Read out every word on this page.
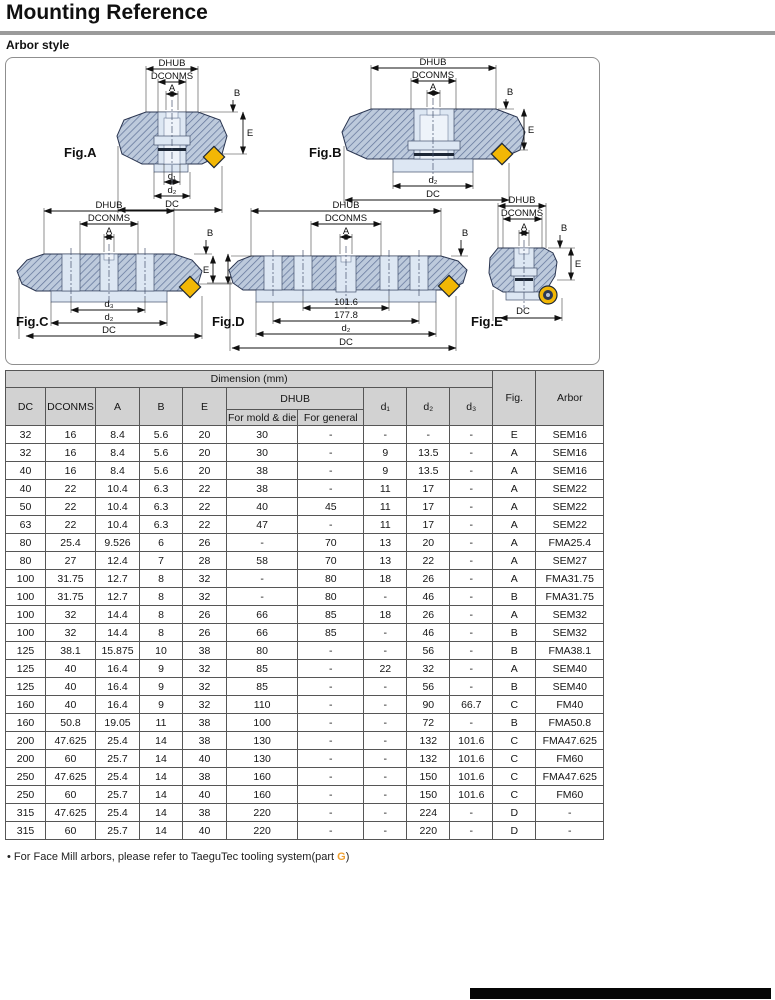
Mounting Reference
Arbor style
A
DCONMS
DHUB
B
E
d₁
d₂
DC
Fig.A
A
DCONMS
DHUB
B
E
d₂
DC
Fig.B
A
DCONMS
DHUB
B
d₃
d₂
DC
Fig.C
A
DCONMS
DHUB
B
E
101.6
177.8
d₂
DC
Fig.D
A
DCONMS
DHUB
B
E
DC
Fig.E
Dimension (mm)										Fig.	Arbor
DC	DCONMS	A	B	E	DHUB		d₁	d₂	d₃		
					For mold & die	For general					
32	16	8.4	5.6	20	30	-	-	-	-	E	SEM16
32	16	8.4	5.6	20	30	-	9	13.5	-	A	SEM16
40	16	8.4	5.6	20	38	-	9	13.5	-	A	SEM16
40	22	10.4	6.3	22	38	-	11	17	-	A	SEM22
50	22	10.4	6.3	22	40	45	11	17	-	A	SEM22
63	22	10.4	6.3	22	47	-	11	17	-	A	SEM22
80	25.4	9.526	6	26	-	70	13	20	-	A	FMA25.4
80	27	12.4	7	28	58	70	13	22	-	A	SEM27
100	31.75	12.7	8	32	-	80	18	26	-	A	FMA31.75
100	31.75	12.7	8	32	-	80	-	46	-	B	FMA31.75
100	32	14.4	8	26	66	85	18	26	-	A	SEM32
100	32	14.4	8	26	66	85	-	46	-	B	SEM32
125	38.1	15.875	10	38	80	-	-	56	-	B	FMA38.1
125	40	16.4	9	32	85	-	22	32	-	A	SEM40
125	40	16.4	9	32	85	-	-	56	-	B	SEM40
160	40	16.4	9	32	110	-	-	90	66.7	C	FM40
160	50.8	19.05	11	38	100	-	-	72	-	B	FMA50.8
200	47.625	25.4	14	38	130	-	-	132	101.6	C	FMA47.625
200	60	25.7	14	40	130	-	-	132	101.6	C	FM60
250	47.625	25.4	14	38	160	-	-	150	101.6	C	FMA47.625
250	60	25.7	14	40	160	-	-	150	101.6	C	FM60
315	47.625	25.4	14	38	220	-	-	224	-	D	-
315	60	25.7	14	40	220	-	-	220	-	D	-
• For Face Mill arbors, please refer to TaeguTec tooling system(part G)
